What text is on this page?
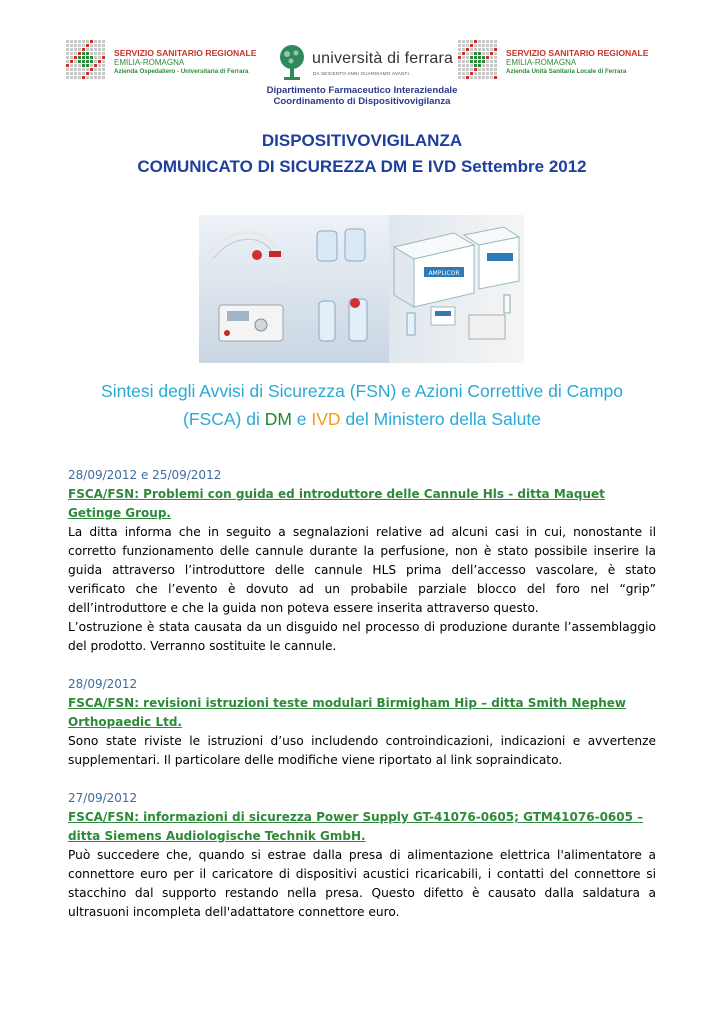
SERVIZIO SANITARIO REGIONALE
EMILIA-ROMAGNA
Azienda Ospedaliero - Universitaria di Ferrara
università di ferrara
DA SEICENTO ANNI GUARDIAMO AVANTI.
SERVIZIO SANITARIO REGIONALE
EMILIA-ROMAGNA
Azienda Unità Sanitaria Locale di Ferrara
Dipartimento Farmaceutico Interaziendale
Coordinamento di Dispositivovigilanza
DISPOSITIVOVIGILANZA
COMUNICATO DI SICUREZZA DM E IVD Settembre 2012
AMPLICOR
Sintesi degli Avvisi di Sicurezza (FSN) e Azioni Correttive di Campo
(FSCA) di DM e IVD del Ministero della Salute
28/09/2012 e 25/09/2012
FSCA/FSN: Problemi con guida ed introduttore delle Cannule Hls - ditta Maquet Getinge Group.

La ditta informa che in seguito a segnalazioni relative ad alcuni casi in cui, nonostante il corretto funzionamento delle cannule durante la perfusione, non è stato possibile inserire la guida attraverso l’introduttore delle cannule HLS prima dell’accesso vascolare, è stato verificato che l’evento è dovuto ad un probabile parziale blocco del foro nel “grip” dell’introduttore e che la guida non poteva essere inserita attraverso questo.

L’ostruzione è stata causata da un disguido nel processo di produzione durante l’assemblaggio del prodotto. Verranno sostituite le cannule.

28/09/2012
FSCA/FSN: revisioni istruzioni teste modulari Birmigham Hip – ditta Smith Nephew Orthopaedic Ltd.

Sono state riviste le istruzioni d’uso includendo controindicazioni, indicazioni e avvertenze supplementari. Il particolare delle modifiche viene riportato al link sopraindicato.

27/09/2012
FSCA/FSN: informazioni di sicurezza Power Supply GT-41076-0605; GTM41076-0605 – ditta Siemens Audiologische Technik GmbH.

Può succedere che, quando si estrae dalla presa di alimentazione elettrica l'alimentatore a connettore euro per il caricatore di dispositivi acustici ricaricabili, i contatti del connettore si stacchino dal supporto restando nella presa. Questo difetto è causato dalla saldatura a ultrasuoni incompleta dell'adattatore connettore euro.
